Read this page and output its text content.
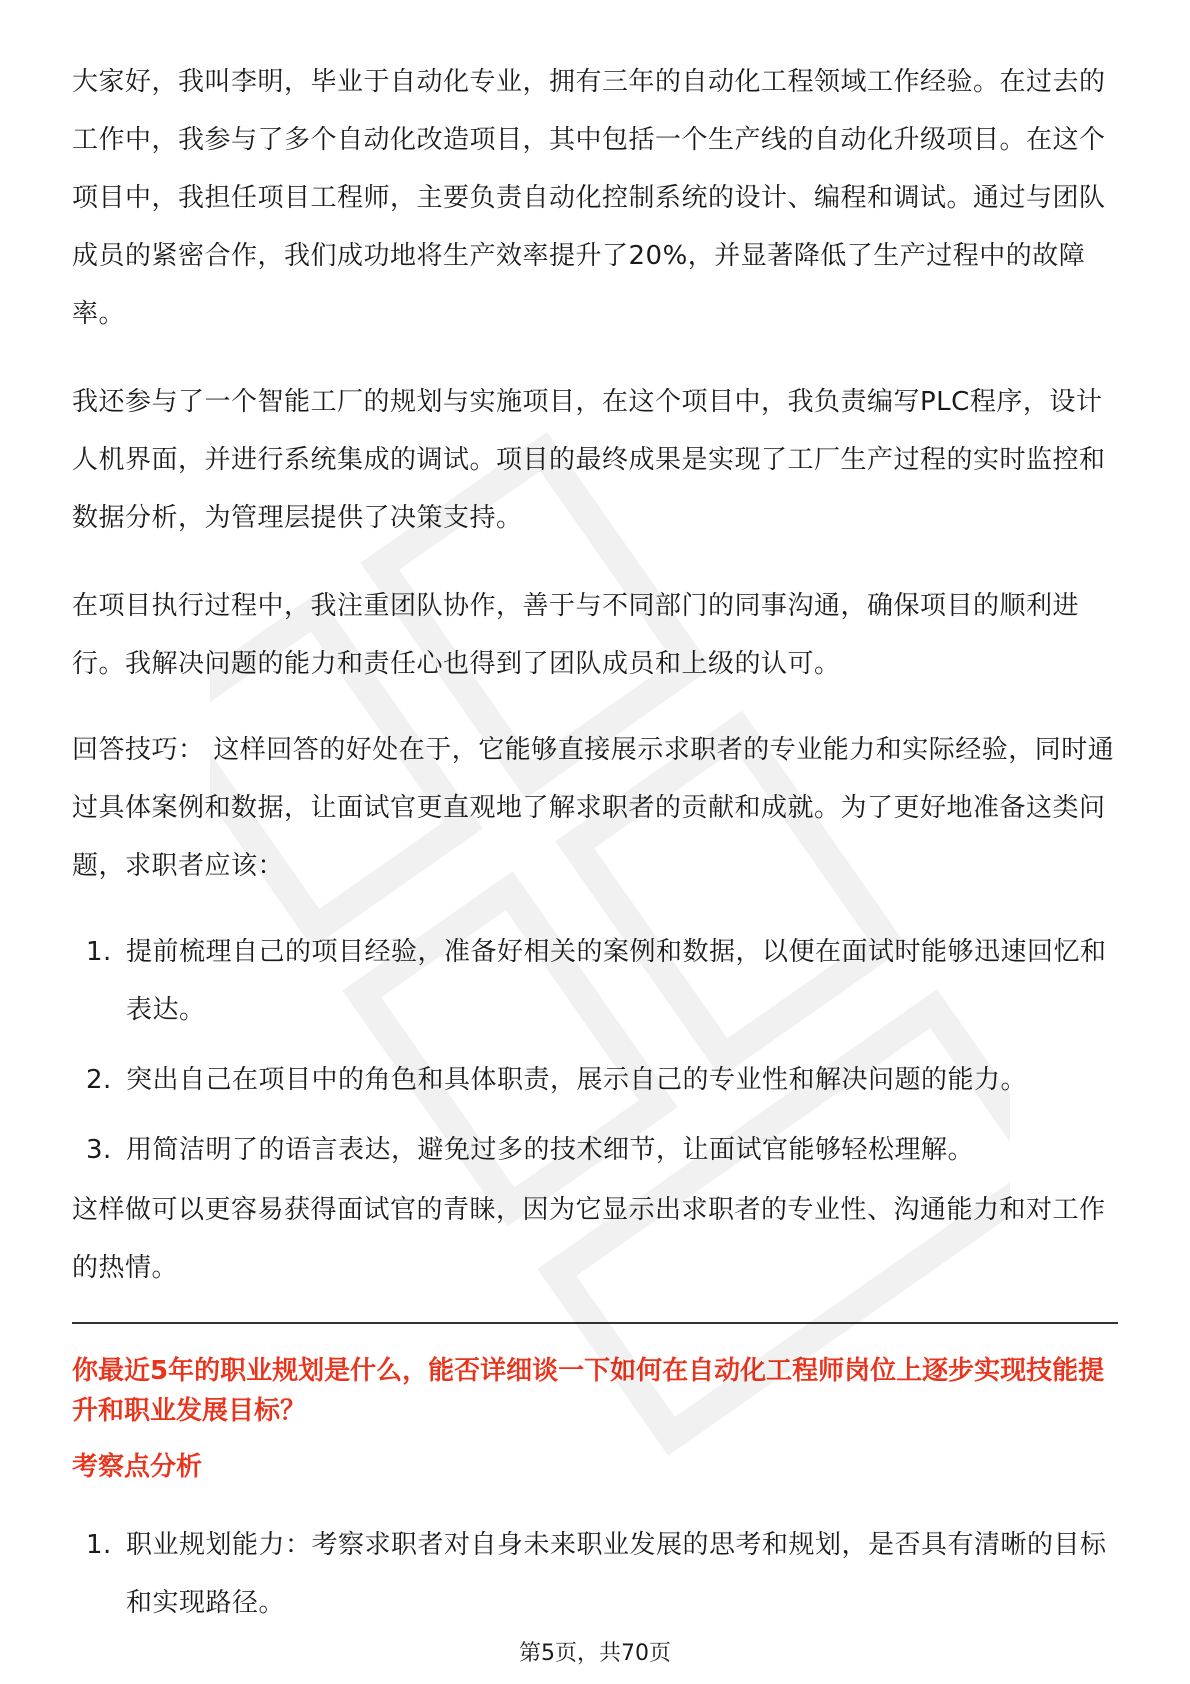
大家好，我叫李明，毕业于自动化专业，拥有三年的自动化工程领域工作经验。在过去的工作中，我参与了多个自动化改造项目，其中包括一个生产线的自动化升级项目。在这个项目中，我担任项目工程师，主要负责自动化控制系统的设计、编程和调试。通过与团队成员的紧密合作，我们成功地将生产效率提升了20%，并显著降低了生产过程中的故障率。

我还参与了一个智能工厂的规划与实施项目，在这个项目中，我负责编写PLC程序，设计人机界面，并进行系统集成的调试。项目的最终成果是实现了工厂生产过程的实时监控和数据分析，为管理层提供了决策支持。

在项目执行过程中，我注重团队协作，善于与不同部门的同事沟通，确保项目的顺利进行。我解决问题的能力和责任心也得到了团队成员和上级的认可。

回答技巧： 这样回答的好处在于，它能够直接展示求职者的专业能力和实际经验，同时通过具体案例和数据，让面试官更直观地了解求职者的贡献和成就。为了更好地准备这类问题，求职者应该：

1. 提前梳理自己的项目经验，准备好相关的案例和数据，以便在面试时能够迅速回忆和表达。
2. 突出自己在项目中的角色和具体职责，展示自己的专业性和解决问题的能力。
3. 用简洁明了的语言表达，避免过多的技术细节，让面试官能够轻松理解。

这样做可以更容易获得面试官的青睐，因为它显示出求职者的专业性、沟通能力和对工作的热情。

你最近5年的职业规划是什么，能否详细谈一下如何在自动化工程师岗位上逐步实现技能提升和职业发展目标？

考察点分析

1. 职业规划能力：考察求职者对自身未来职业发展的思考和规划，是否具有清晰的目标和实现路径。
第5页，共70页
